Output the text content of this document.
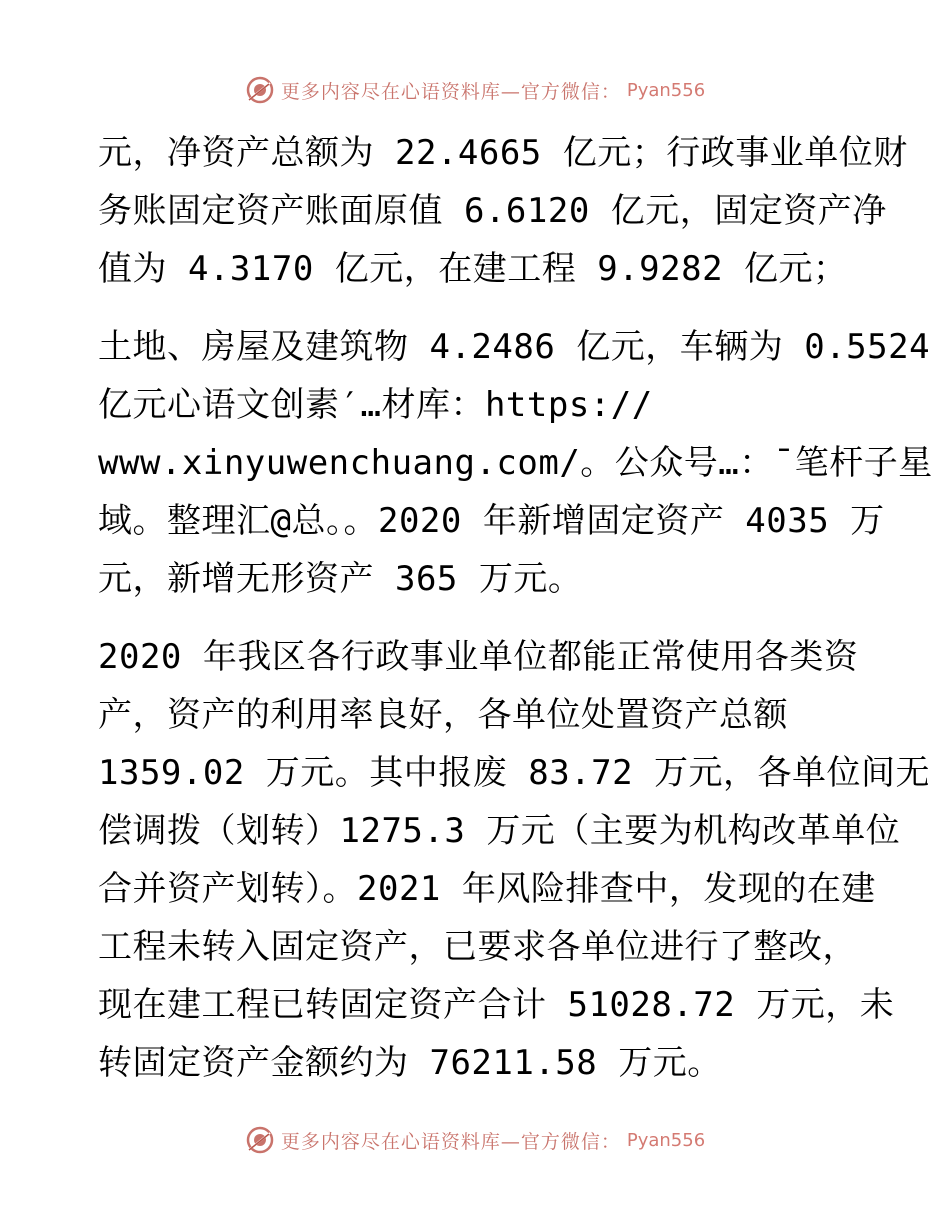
更多内容尽在心语资料库—官方微信： Pyan556
元，净资产总额为 22.4665 亿元；行政事业单位财
务账固定资产账面原值 6.6120 亿元，固定资产净
值为 4.3170 亿元，在建工程 9.9282 亿元；
土地、房屋及建筑物 4.2486 亿元，车辆为 0.5524
亿元心语文创素′…材库：https://
www.xinyuwenchuang.com/。公众号…：¯笔杆子星
域。整理汇@总。。2020 年新增固定资产 4035 万
元，新增无形资产 365 万元。
2020 年我区各行政事业单位都能正常使用各类资
产，资产的利用率良好，各单位处置资产总额
1359.02 万元。其中报废 83.72 万元，各单位间无
偿调拨（划转）1275.3 万元（主要为机构改革单位
合并资产划转）。2021 年风险排查中，发现的在建
工程未转入固定资产，已要求各单位进行了整改，
现在建工程已转固定资产合计 51028.72 万元，未
转固定资产金额约为 76211.58 万元。
更多内容尽在心语资料库—官方微信： Pyan556
